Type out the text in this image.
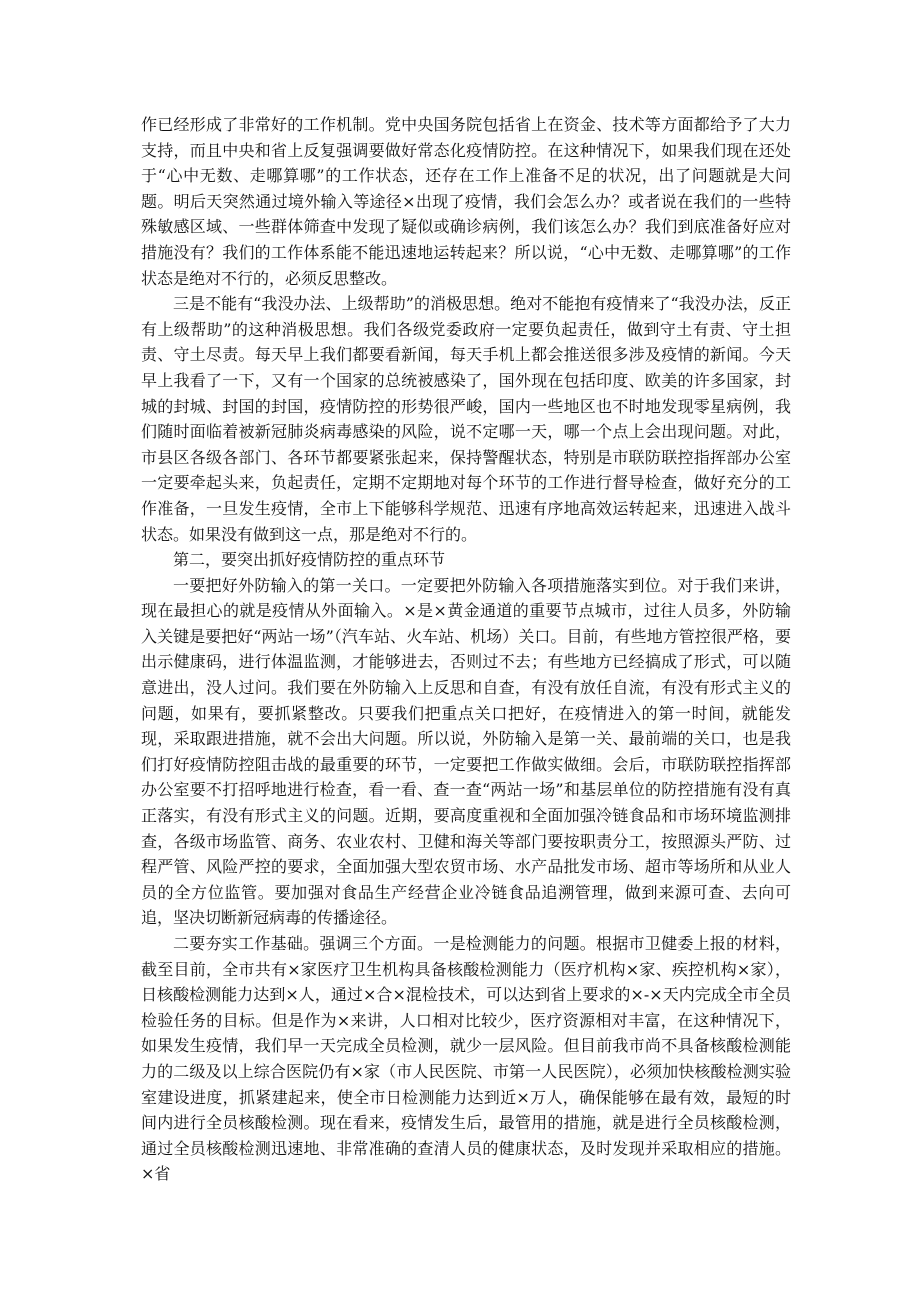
作已经形成了非常好的工作机制。党中央国务院包括省上在资金、技术等方面都给予了大力支持，而且中央和省上反复强调要做好常态化疫情防控。在这种情况下，如果我们现在还处于“心中无数、走哪算哪”的工作状态，还存在工作上准备不足的状况，出了问题就是大问题。明后天突然通过境外输入等途径×出现了疫情，我们会怎么办？或者说在我们的一些特殊敏感区域、一些群体筛查中发现了疑似或确诊病例，我们该怎么办？我们到底准备好应对措施没有？我们的工作体系能不能迅速地运转起来？所以说，“心中无数、走哪算哪”的工作状态是绝对不行的，必须反思整改。

三是不能有“我没办法、上级帮助”的消极思想。绝对不能抱有疫情来了“我没办法，反正有上级帮助”的这种消极思想。我们各级党委政府一定要负起责任，做到守土有责、守土担责、守土尽责。每天早上我们都要看新闻，每天手机上都会推送很多涉及疫情的新闻。今天早上我看了一下，又有一个国家的总统被感染了，国外现在包括印度、欧美的许多国家，封城的封城、封国的封国，疫情防控的形势很严峻，国内一些地区也不时地发现零星病例，我们随时面临着被新冠肺炎病毒感染的风险，说不定哪一天，哪一个点上会出现问题。对此，市县区各级各部门、各环节都要紧张起来，保持警醒状态，特别是市联防联控指挥部办公室一定要牵起头来，负起责任，定期不定期地对每个环节的工作进行督导检查，做好充分的工作准备，一旦发生疫情，全市上下能够科学规范、迅速有序地高效运转起来，迅速进入战斗状态。如果没有做到这一点，那是绝对不行的。

第二，要突出抓好疫情防控的重点环节

一要把好外防输入的第一关口。一定要把外防输入各项措施落实到位。对于我们来讲，现在最担心的就是疫情从外面输入。×是×黄金通道的重要节点城市，过往人员多，外防输入关键是要把好“两站一场”（汽车站、火车站、机场）关口。目前，有些地方管控很严格，要出示健康码，进行体温监测，才能够进去，否则过不去；有些地方已经搞成了形式，可以随意进出，没人过问。我们要在外防输入上反思和自查，有没有放任自流，有没有形式主义的问题，如果有，要抓紧整改。只要我们把重点关口把好，在疫情进入的第一时间，就能发现，采取跟进措施，就不会出大问题。所以说，外防输入是第一关、最前端的关口，也是我们打好疫情防控阻击战的最重要的环节，一定要把工作做实做细。会后，市联防联控指挥部办公室要不打招呼地进行检查，看一看、查一查“两站一场”和基层单位的防控措施有没有真正落实，有没有形式主义的问题。近期，要高度重视和全面加强冷链食品和市场环境监测排查，各级市场监管、商务、农业农村、卫健和海关等部门要按职责分工，按照源头严防、过程严管、风险严控的要求，全面加强大型农贸市场、水产品批发市场、超市等场所和从业人员的全方位监管。要加强对食品生产经营企业冷链食品追溯管理，做到来源可查、去向可追，坚决切断新冠病毒的传播途径。

二要夯实工作基础。强调三个方面。一是检测能力的问题。根据市卫健委上报的材料，截至目前，全市共有×家医疗卫生机构具备核酸检测能力（医疗机构×家、疾控机构×家），日核酸检测能力达到×人，通过×合×混检技术，可以达到省上要求的×-×天内完成全市全员检验任务的目标。但是作为×来讲，人口相对比较少，医疗资源相对丰富，在这种情况下，如果发生疫情，我们早一天完成全员检测，就少一层风险。但目前我市尚不具备核酸检测能力的二级及以上综合医院仍有×家（市人民医院、市第一人民医院），必须加快核酸检测实验室建设进度，抓紧建起来，使全市日检测能力达到近×万人，确保能够在最有效，最短的时间内进行全员核酸检测。现在看来，疫情发生后，最管用的措施，就是进行全员核酸检测，通过全员核酸检测迅速地、非常准确的查清人员的健康状态，及时发现并采取相应的措施。×省
